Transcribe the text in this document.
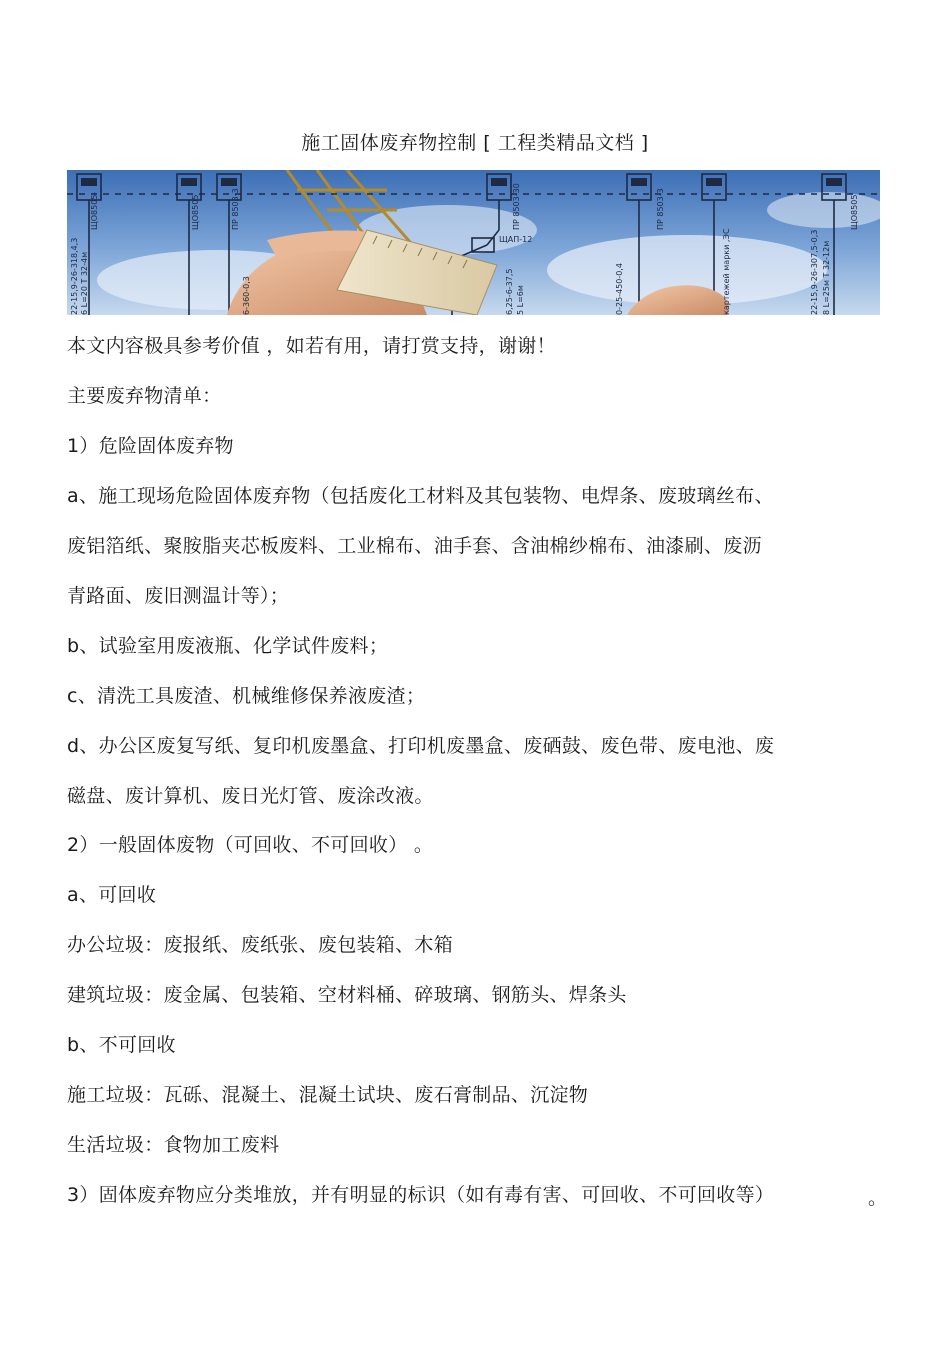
施工固体废弃物控制 [ 工程类精品文档 ]
ЩО8505-	ЩО8505	ПР 8503-3
ЩАП-12
ПР 8503-30	ПР 8503-3	ЩО8505
22-15,9-26-318,4,3	6-360-0,3	6,25-6-37,5	0-25-450-0,4	картежей марки ,ЭС	22-15,9-26-307,5-0,3
6 L=20 T 32-4м	5 L=6м	8 L=25м T 32-12м
本文内容极具参考价值 ，如若有用，请打赏支持，谢谢！
主要废弃物清单：
1）危险固体废弃物
a、施工现场危险固体废弃物（包括废化工材料及其包装物、电焊条、废玻璃丝布、
废铝箔纸、聚胺脂夹芯板废料、工业棉布、油手套、含油棉纱棉布、油漆刷、废沥
青路面、废旧测温计等）；
b、试验室用废液瓶、化学试件废料；
c、清洗工具废渣、机械维修保养液废渣；
d、办公区废复写纸、复印机废墨盒、打印机废墨盒、废硒鼓、废色带、废电池、废
磁盘、废计算机、废日光灯管、废涂改液。
2）一般固体废物（可回收、不可回收） 。
a、可回收
办公垃圾：废报纸、废纸张、废包装箱、木箱
建筑垃圾：废金属、包装箱、空材料桶、碎玻璃、钢筋头、焊条头
b、不可回收
施工垃圾：瓦砾、混凝土、混凝土试块、废石膏制品、沉淀物
生活垃圾：食物加工废料
3）固体废弃物应分类堆放，并有明显的标识（如有毒有害、可回收、不可回收等）	。
